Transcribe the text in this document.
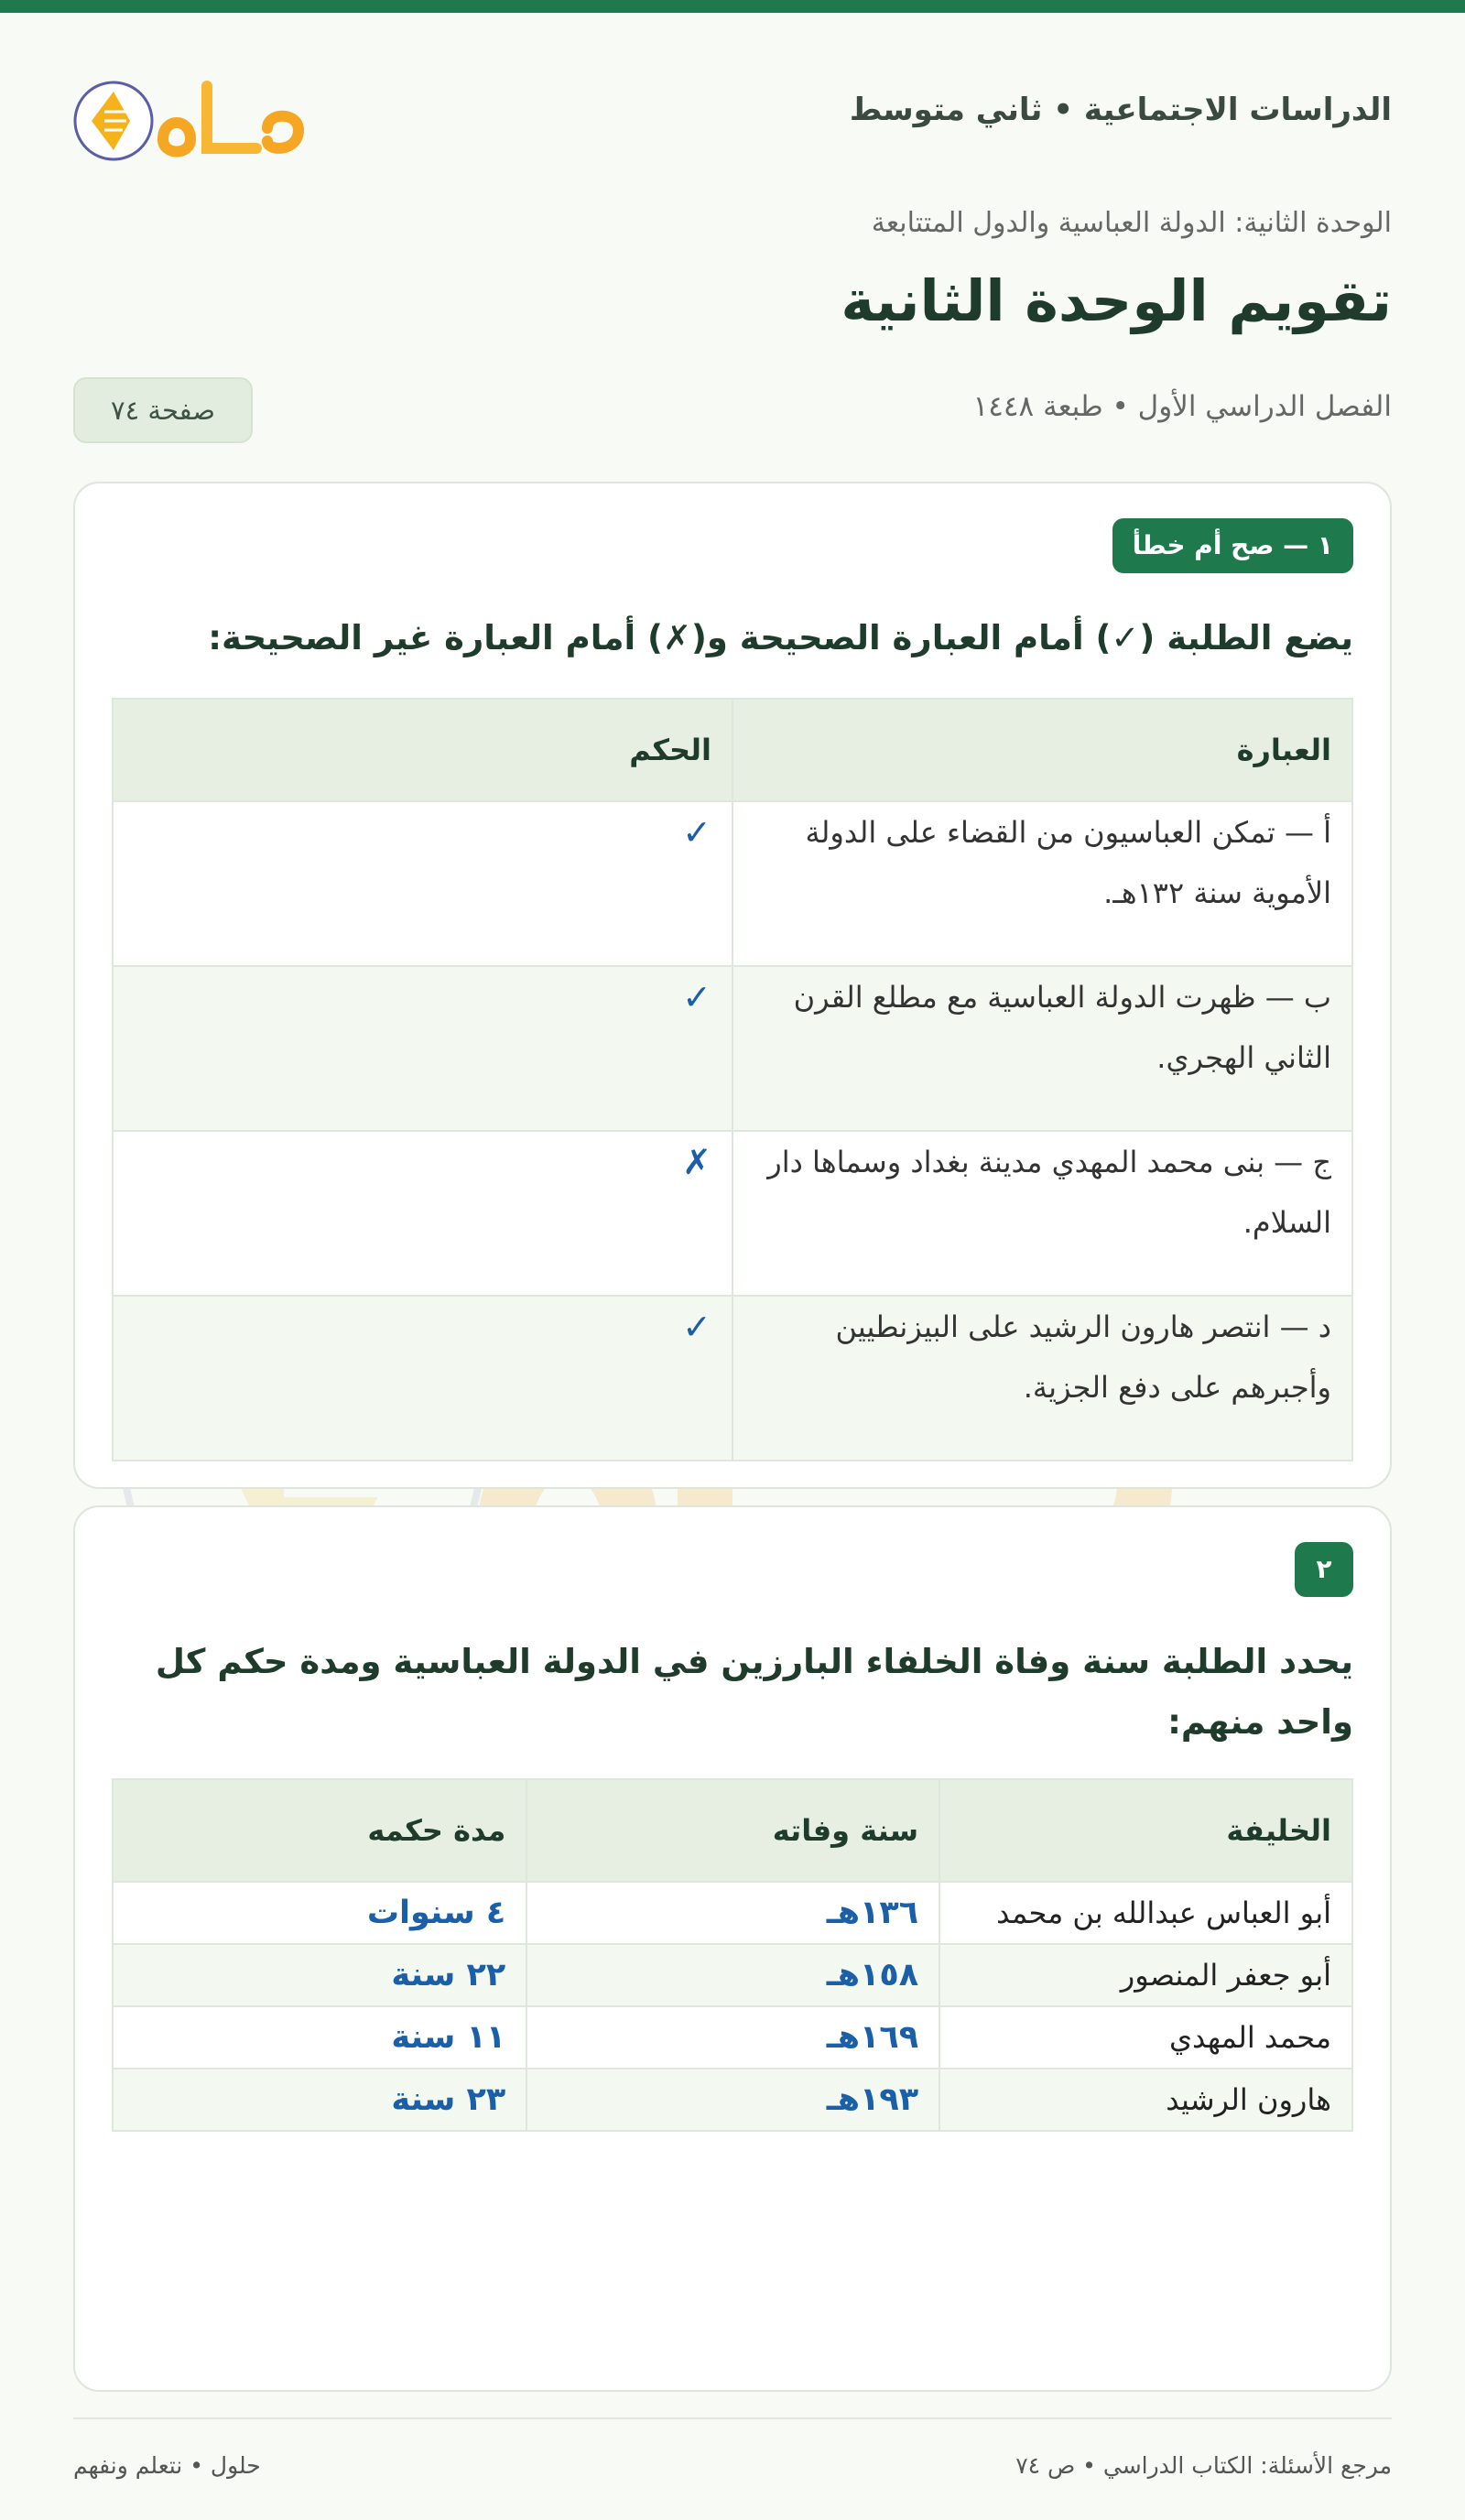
الدراسات الاجتماعية • ثاني متوسط
الوحدة الثانية: الدولة العباسية والدول المتتابعة
تقويم الوحدة الثانية
الفصل الدراسي الأول • طبعة ١٤٤٨
صفحة ٧٤
١ — صح أم خطأ
يضع الطلبة (✓) أمام العبارة الصحيحة و(✗) أمام العبارة غير الصحيحة:
العبارة	الحكم
أ — تمكن العباسيون من القضاء على الدولة الأموية سنة ١٣٢هـ.	✓
ب — ظهرت الدولة العباسية مع مطلع القرن الثاني الهجري.	✓
ج — بنى محمد المهدي مدينة بغداد وسماها دار السلام.	✗
د — انتصر هارون الرشيد على البيزنطيين وأجبرهم على دفع الجزية.	✓
٢
يحدد الطلبة سنة وفاة الخلفاء البارزين في الدولة العباسية ومدة حكم كل واحد منهم:
الخليفة	سنة وفاته	مدة حكمه
أبو العباس عبدالله بن محمد	١٣٦هـ	٤ سنوات
أبو جعفر المنصور	١٥٨هـ	٢٢ سنة
محمد المهدي	١٦٩هـ	١١ سنة
هارون الرشيد	١٩٣هـ	٢٣ سنة
مرجع الأسئلة: الكتاب الدراسي • ص ٧٤
حلول • نتعلم ونفهم
